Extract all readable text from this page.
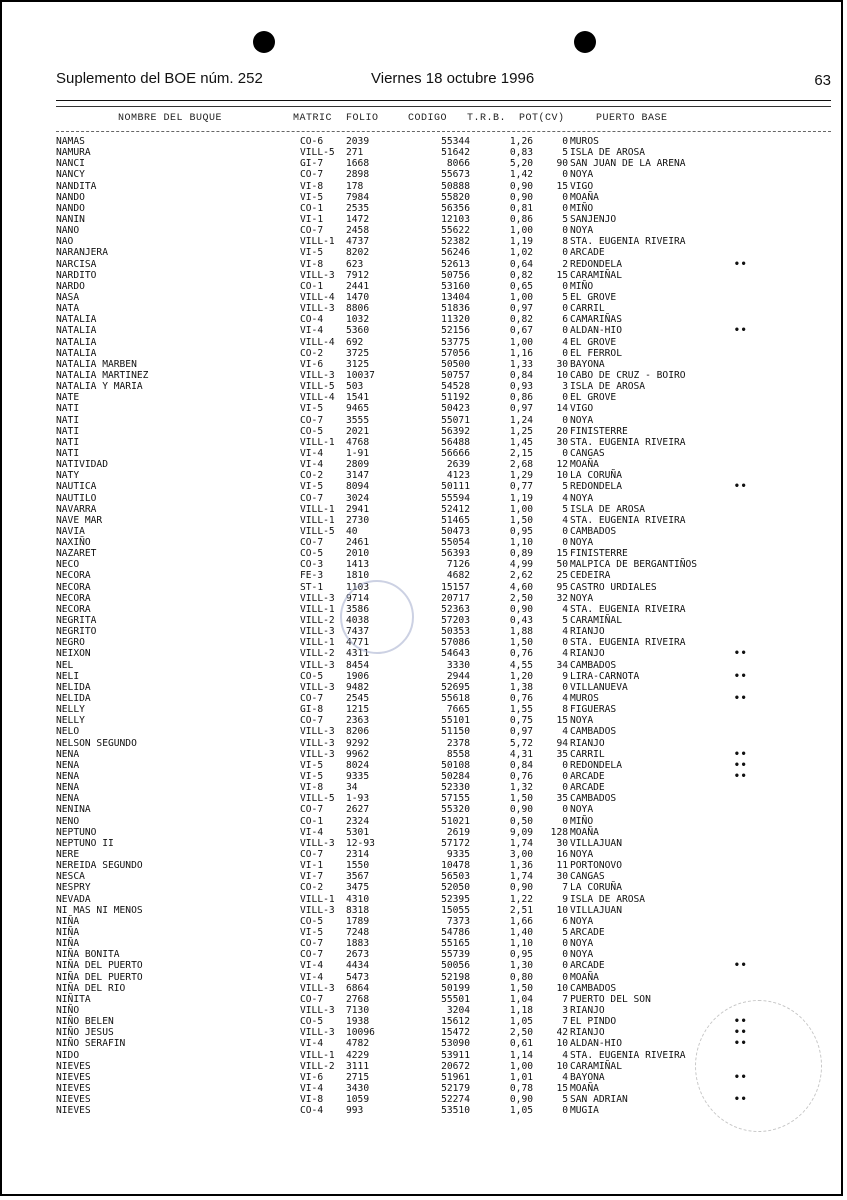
Suplemento del BOE núm. 252	Viernes 18 octubre 1996	63
NOMBRE DEL BUQUE	MATRIC FOLIO	CODIGO T.R.B. POT(CV)	PUERTO BASE
NAMAS	CO-6 2039	55344	1,26	0 MUROS
NAMURA	VILL-5 271	51642	0,83	5 ISLA DE AROSA
NANCI	GI-7 1668	8066	5,20 90 SAN JUAN DE LA ARENA
NANCY	CO-7 2898	55673	1,42	0 NOYA
NANDITA	VI-8 178	50888	0,90 15 VIGO
NANDO	VI-5 7984	55820	0,90	0 MOAÑA
NANDO	CO-1 2535	56356	0,81	0 MIÑO
NANIN	VI-1 1472	12103	0,86	5 SANJENJO
NANO	CO-7 2458	55622	1,00	0 NOYA
NAO	VILL-1 4737	52382	1,19	8 STA. EUGENIA RIVEIRA
NARANJERA	VI-5 8202	56246	1,02	0 ARCADE
NARCISA	VI-8 623	52613	0,64	2 REDONDELA	••
NARDITO	VILL-3 7912	50756	0,82 15 CARAMIÑAL
NARDO	CO-1 2441	53160	0,65	0 MIÑO
NASA	VILL-4 1470	13404	1,00	5 EL GROVE
NATA	VILL-3 8806	51836	0,97	0 CARRIL
NATALIA	CO-4 1032	11320	0,82	6 CAMARIÑAS
NATALIA	VI-4 5360	52156	0,67	0 ALDAN-HIO	••
NATALIA	VILL-4 692	53775	1,00	4 EL GROVE
NATALIA	CO-2 3725	57056	1,16	0 EL FERROL
NATALIA MARBEN	VI-6 3125	50500	1,33 30 BAYONA
NATALIA MARTINEZ	VILL-3 10037	50757	0,84 10 CABO DE CRUZ - BOIRO
NATALIA Y MARIA	VILL-5 503	54528	0,93	3 ISLA DE AROSA
NATE	VILL-4 1541	51192	0,86	0 EL GROVE
NATI	VI-5 9465	50423	0,97 14 VIGO
NATI	CO-7 3555	55071	1,24	0 NOYA
NATI	CO-5 2021	56392	1,25 20 FINISTERRE
NATI	VILL-1 4768	56488	1,45 30 STA. EUGENIA RIVEIRA
NATI	VI-4 1-91	56666	2,15	0 CANGAS
NATIVIDAD	VI-4 2809	2639	2,68 12 MOAÑA
NATY	CO-2 3147	4123	1,29 10 LA CORUÑA
NAUTICA	VI-5 8094	50111	0,77	5 REDONDELA	••
NAUTILO	CO-7 3024	55594	1,19	4 NOYA
NAVARRA	VILL-1 2941	52412	1,00	5 ISLA DE AROSA
NAVE MAR	VILL-1 2730	51465	1,50	4 STA. EUGENIA RIVEIRA
NAVIA	VILL-5 40	50473	0,95	0 CAMBADOS
NAXIÑO	CO-7 2461	55054	1,10	0 NOYA
NAZARET	CO-5 2010	56393	0,89 15 FINISTERRE
NECO	CO-3 1413	7126	4,99 50 MALPICA DE BERGANTIÑOS
NECORA	FE-3 1810	4682	2,62 25 CEDEIRA
NECORA	ST-1 1103	15157	4,60 95 CASTRO URDIALES
NECORA	VILL-3 9714	20717	2,50 32 NOYA
NECORA	VILL-1 3586	52363	0,90	4 STA. EUGENIA RIVEIRA
NEGRITA	VILL-2 4038	57203	0,43	5 CARAMIÑAL
NEGRITO	VILL-3 7437	50353	1,88	4 RIANJO
NEGRO	VILL-1 4771	57086	1,50	0 STA. EUGENIA RIVEIRA
NEIXON	VILL-2 4311	54643	0,76	4 RIANJO	••
NEL	VILL-3 8454	3330	4,55 34 CAMBADOS
NELI	CO-5 1906	2944	1,20	9 LIRA-CARNOTA	••
NELIDA	VILL-3 9482	52695	1,38	0 VILLANUEVA
NELIDA	CO-7 2545	55618	0,76	4 MUROS	••
NELLY	GI-8 1215	7665	1,55	8 FIGUERAS
NELLY	CO-7 2363	55101	0,75 15 NOYA
NELO	VILL-3 8206	51150	0,97	4 CAMBADOS
NELSON SEGUNDO	VILL-3 9292	2378	5,72 94 RIANJO
NENA	VILL-3 9962	8558	4,31 35 CARRIL	••
NENA	VI-5 8024	50108	0,84	0 REDONDELA	••
NENA	VI-5 9335	50284	0,76	0 ARCADE	••
NENA	VI-8 34	52330	1,32	0 ARCADE
NENA	VILL-5 1-93	57155	1,50 35 CAMBADOS
NENINA	CO-7 2627	55320	0,90	0 NOYA
NENO	CO-1 2324	51021	0,50	0 MIÑO
NEPTUNO	VI-4 5301	2619	9,09 128 MOAÑA
NEPTUNO II	VILL-3 12-93	57172	1,74 30 VILLAJUAN
NERE	CO-7 2314	9335	3,00 16 NOYA
NEREIDA SEGUNDO	VI-1 1550	10478	1,36 11 PORTONOVO
NESCA	VI-7 3567	56503	1,74 30 CANGAS
NESPRY	CO-2 3475	52050	0,90	7 LA CORUÑA
NEVADA	VILL-1 4310	52395	1,22	9 ISLA DE AROSA
NI MAS NI MENOS	VILL-3 8318	15055	2,51 10 VILLAJUAN
NIÑA	CO-5 1789	7373	1,66	6 NOYA
NIÑA	VI-5 7248	54786	1,40	5 ARCADE
NIÑA	CO-7 1883	55165	1,10	0 NOYA
NIÑA BONITA	CO-7 2673	55739	0,95	0 NOYA
NIÑA DEL PUERTO	VI-4 4434	50056	1,30	0 ARCADE	••
NIÑA DEL PUERTO	VI-4 5473	52198	0,80	0 MOAÑA
NIÑA DEL RIO	VILL-3 6864	50199	1,50 10 CAMBADOS
NIÑITA	CO-7 2768	55501	1,04	7 PUERTO DEL SON
NIÑO	VILL-3 7130	3204	1,18	3 RIANJO
NIÑO BELEN	CO-5 1938	15612	1,05	7 EL PINDO	••
NIÑO JESUS	VILL-3 10096	15472	2,50 42 RIANJO	••
NIÑO SERAFIN	VI-4 4782	53090	0,61 10 ALDAN-HIO	••
NIDO	VILL-1 4229	53911	1,14	4 STA. EUGENIA RIVEIRA
NIEVES	VILL-2 3111	20672	1,00 10 CARAMIÑAL
NIEVES	VI-6 2715	51961	1,01	4 BAYONA	••
NIEVES	VI-4 3430	52179	0,78 15 MOAÑA
NIEVES	VI-8 1059	52274	0,90	5 SAN ADRIAN	••
NIEVES	CO-4 993	53510	1,05	0 MUGIA
